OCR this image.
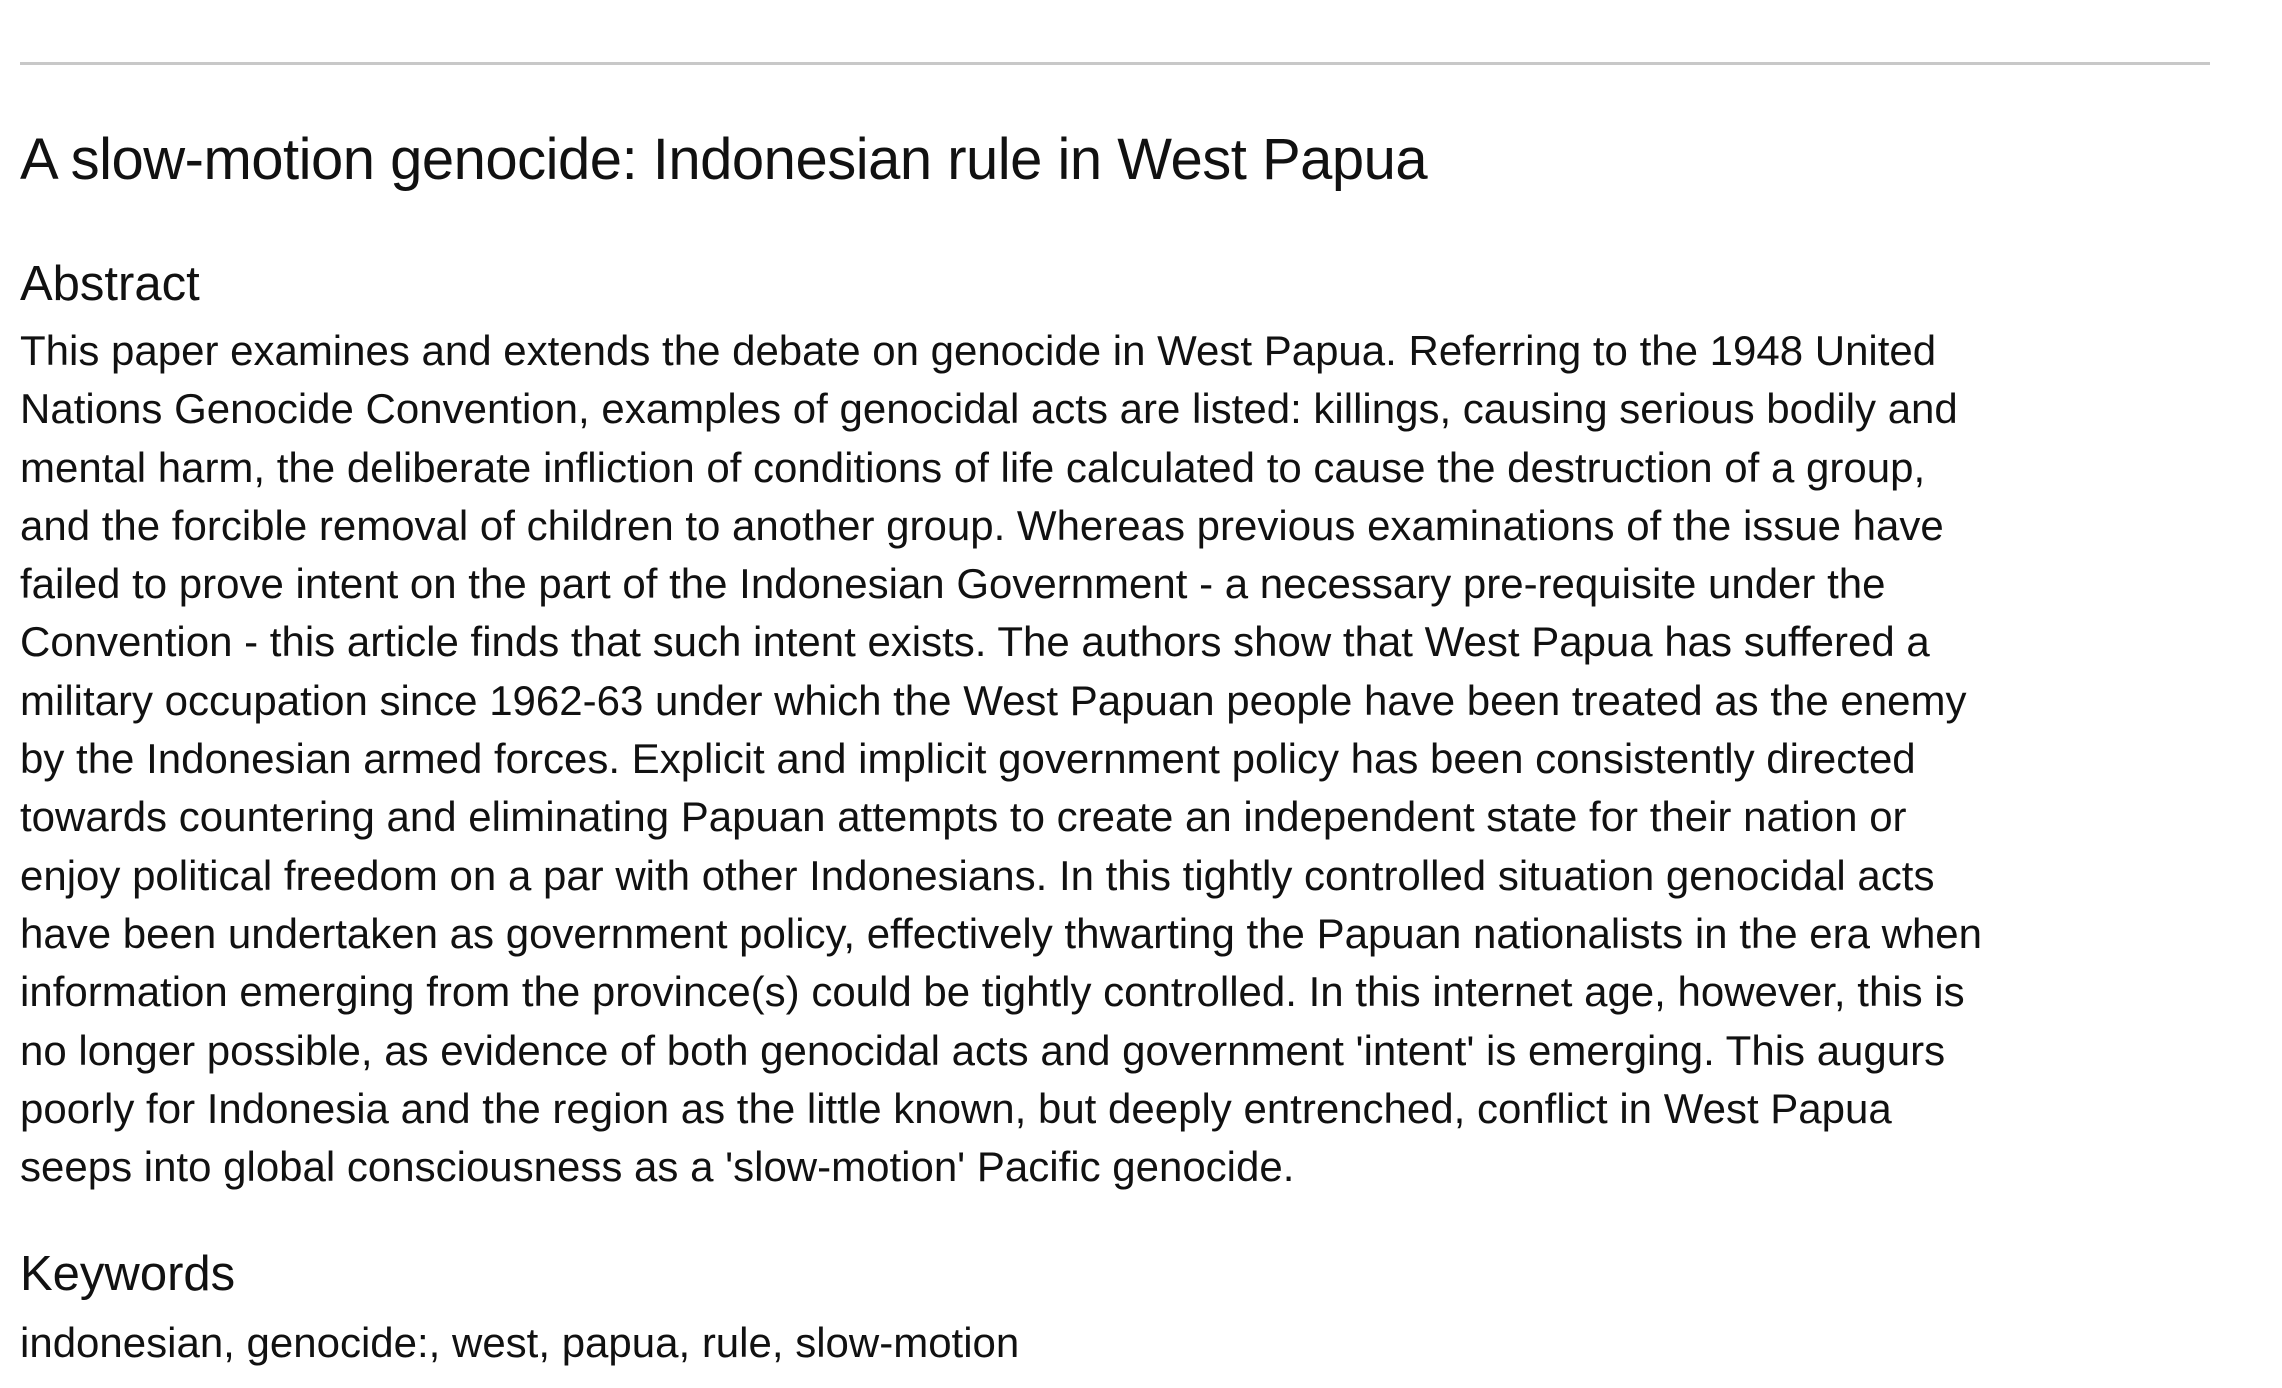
A slow-motion genocide: Indonesian rule in West Papua
Abstract
This paper examines and extends the debate on genocide in West Papua. Referring to the 1948 United
Nations Genocide Convention, examples of genocidal acts are listed: killings, causing serious bodily and
mental harm, the deliberate infliction of conditions of life calculated to cause the destruction of a group,
and the forcible removal of children to another group. Whereas previous examinations of the issue have
failed to prove intent on the part of the Indonesian Government - a necessary pre-requisite under the
Convention - this article finds that such intent exists. The authors show that West Papua has suffered a
military occupation since 1962-63 under which the West Papuan people have been treated as the enemy
by the Indonesian armed forces. Explicit and implicit government policy has been consistently directed
towards countering and eliminating Papuan attempts to create an independent state for their nation or
enjoy political freedom on a par with other Indonesians. In this tightly controlled situation genocidal acts
have been undertaken as government policy, effectively thwarting the Papuan nationalists in the era when
information emerging from the province(s) could be tightly controlled. In this internet age, however, this is
no longer possible, as evidence of both genocidal acts and government 'intent' is emerging. This augurs
poorly for Indonesia and the region as the little known, but deeply entrenched, conflict in West Papua
seeps into global consciousness as a 'slow-motion' Pacific genocide.
Keywords

indonesian, genocide:, west, papua, rule, slow-motion
